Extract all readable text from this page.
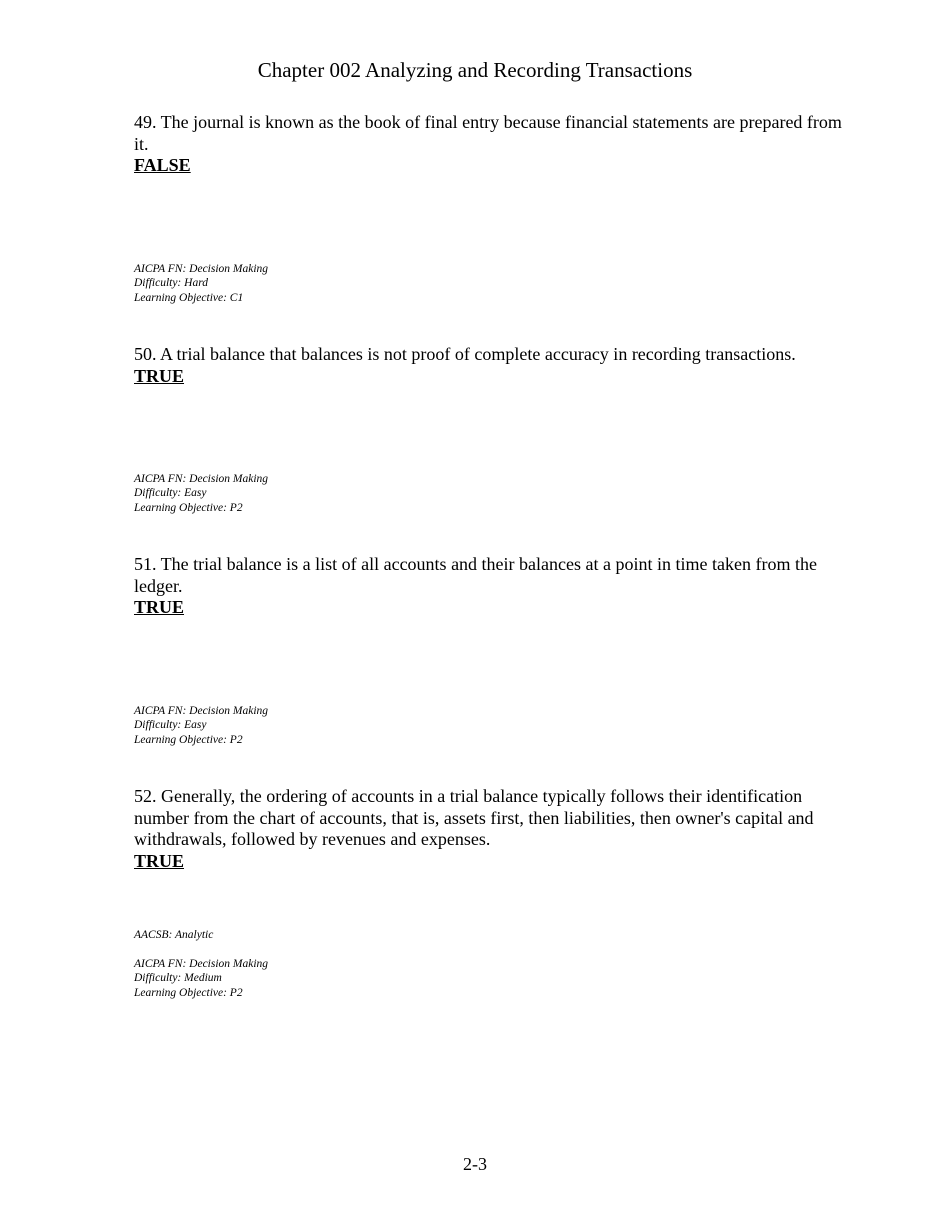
Chapter 002 Analyzing and Recording Transactions

49. The journal is known as the book of final entry because financial statements are prepared from it.

FALSE

AICPA FN: Decision Making
Difficulty: Hard
Learning Objective: C1

50. A trial balance that balances is not proof of complete accuracy in recording transactions.

TRUE

AICPA FN: Decision Making
Difficulty: Easy
Learning Objective: P2

51. The trial balance is a list of all accounts and their balances at a point in time taken from the ledger.

TRUE

AICPA FN: Decision Making
Difficulty: Easy
Learning Objective: P2

52. Generally, the ordering of accounts in a trial balance typically follows their identification number from the chart of accounts, that is, assets first, then liabilities, then owner's capital and withdrawals, followed by revenues and expenses.

TRUE

AACSB: Analytic
AICPA FN: Decision Making
Difficulty: Medium
Learning Objective: P2
2-3
